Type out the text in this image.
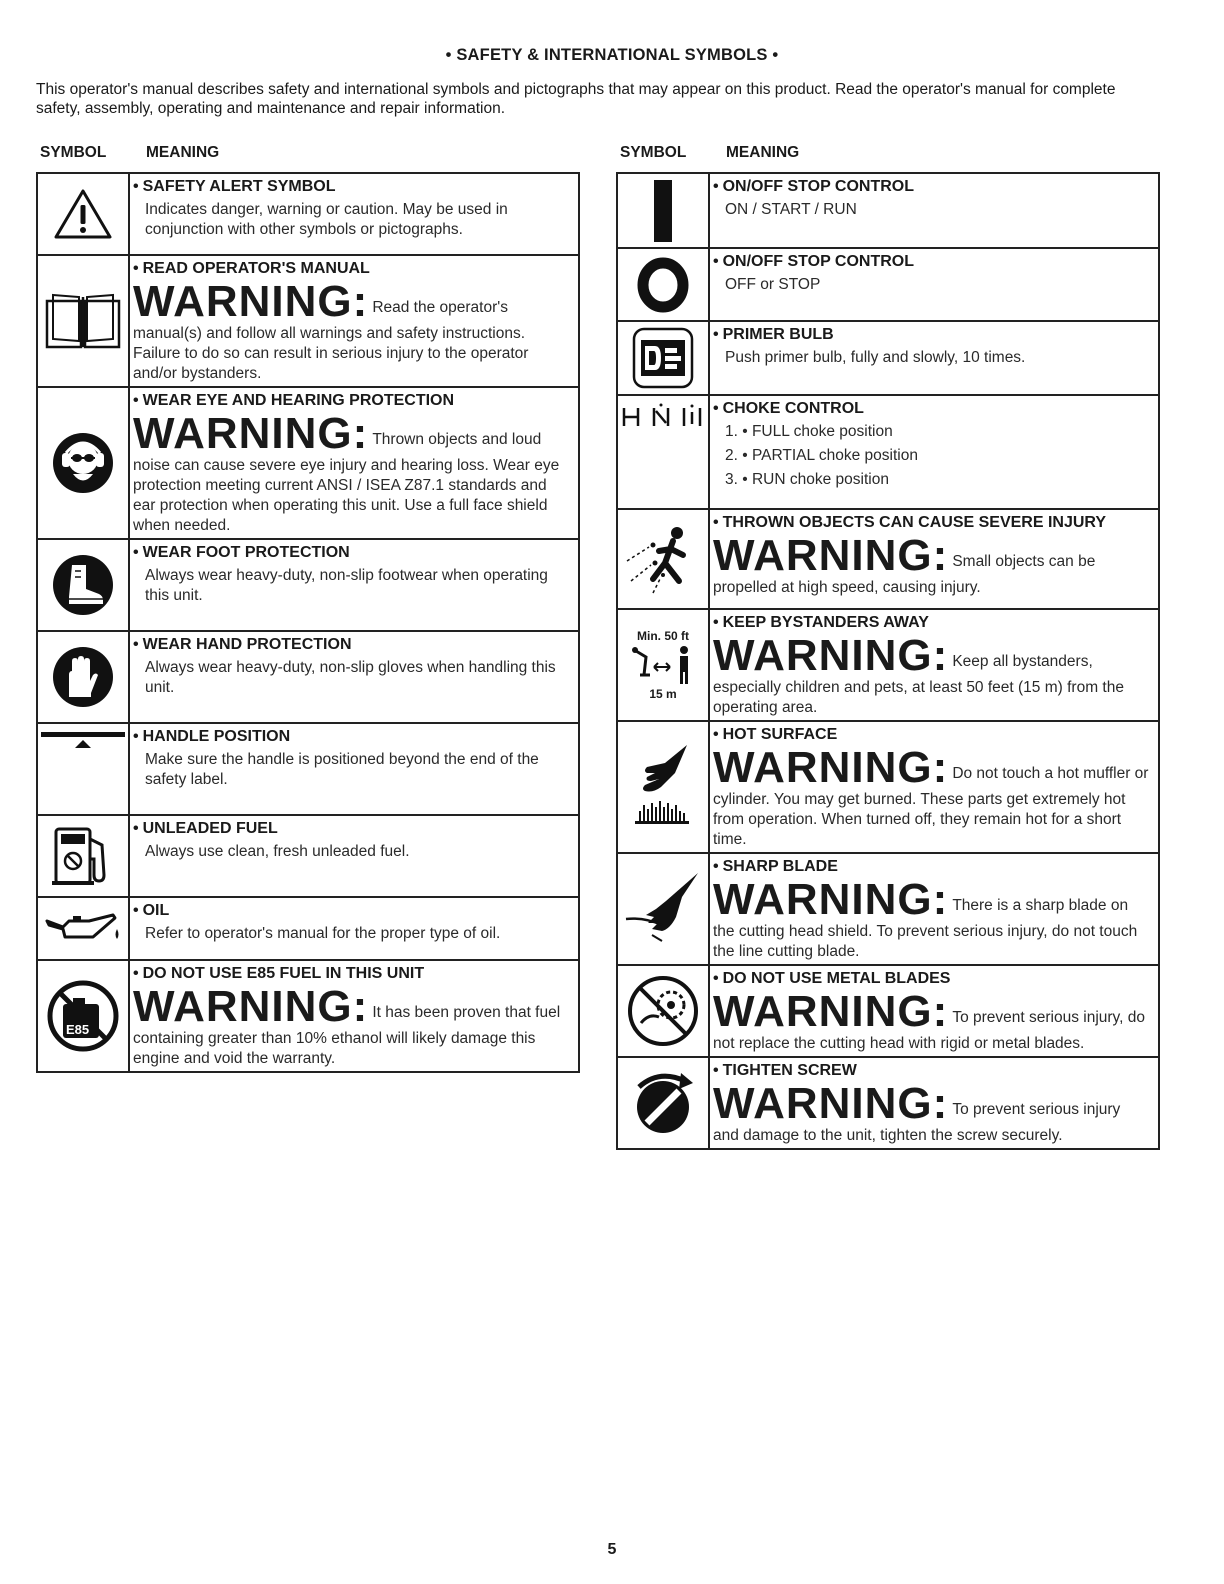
• SAFETY & INTERNATIONAL SYMBOLS •
This operator's manual describes safety and international symbols and pictographs that may appear on this product. Read the operator's manual for complete safety, assembly, operating and maintenance and repair information.
SYMBOL	MEANING
• SAFETY ALERT SYMBOL
Indicates danger, warning or caution. May be used in conjunction with other symbols or pictographs.
• READ OPERATOR'S MANUAL
WARNING: Read the operator's manual(s) and follow all warnings and safety instructions. Failure to do so can result in serious injury to the operator and/or bystanders.
• WEAR EYE AND HEARING PROTECTION
WARNING: Thrown objects and loud noise can cause severe eye injury and hearing loss. Wear eye protection meeting current ANSI / ISEA Z87.1 standards and ear protection when operating this unit. Use a full face shield when needed.
• WEAR FOOT PROTECTION
Always wear heavy-duty, non-slip footwear when operating this unit.
• WEAR HAND PROTECTION
Always wear heavy-duty, non-slip gloves when handling this unit.
• HANDLE POSITION
Make sure the handle is positioned beyond the end of the safety label.
• UNLEADED FUEL
Always use clean, fresh unleaded fuel.
• OIL
Refer to operator's manual for the proper type of oil.
E85
• DO NOT USE E85 FUEL IN THIS UNIT
WARNING: It has been proven that fuel containing greater than 10% ethanol will likely damage this engine and void the warranty.
SYMBOL	MEANING
• ON/OFF STOP CONTROL
ON / START / RUN
• ON/OFF STOP CONTROL
OFF or STOP
• PRIMER BULB
Push primer bulb, fully and slowly, 10 times.
• CHOKE CONTROL
1. • FULL choke position
2. • PARTIAL choke position
3. • RUN choke position
• THROWN OBJECTS CAN CAUSE SEVERE INJURY
WARNING: Small objects can be propelled at high speed, causing injury.
Min. 50 ft
15 m
• KEEP BYSTANDERS AWAY
WARNING: Keep all bystanders, especially children and pets, at least 50 feet (15 m) from the operating area.
• HOT SURFACE
WARNING: Do not touch a hot muffler or cylinder. You may get burned. These parts get extremely hot from operation. When turned off, they remain hot for a short time.
• SHARP BLADE
WARNING: There is a sharp blade on the cutting head shield. To prevent serious injury, do not touch the line cutting blade.
• DO NOT USE METAL BLADES
WARNING: To prevent serious injury, do not replace the cutting head with rigid or metal blades.
• TIGHTEN SCREW
WARNING: To prevent serious injury and damage to the unit, tighten the screw securely.
5
